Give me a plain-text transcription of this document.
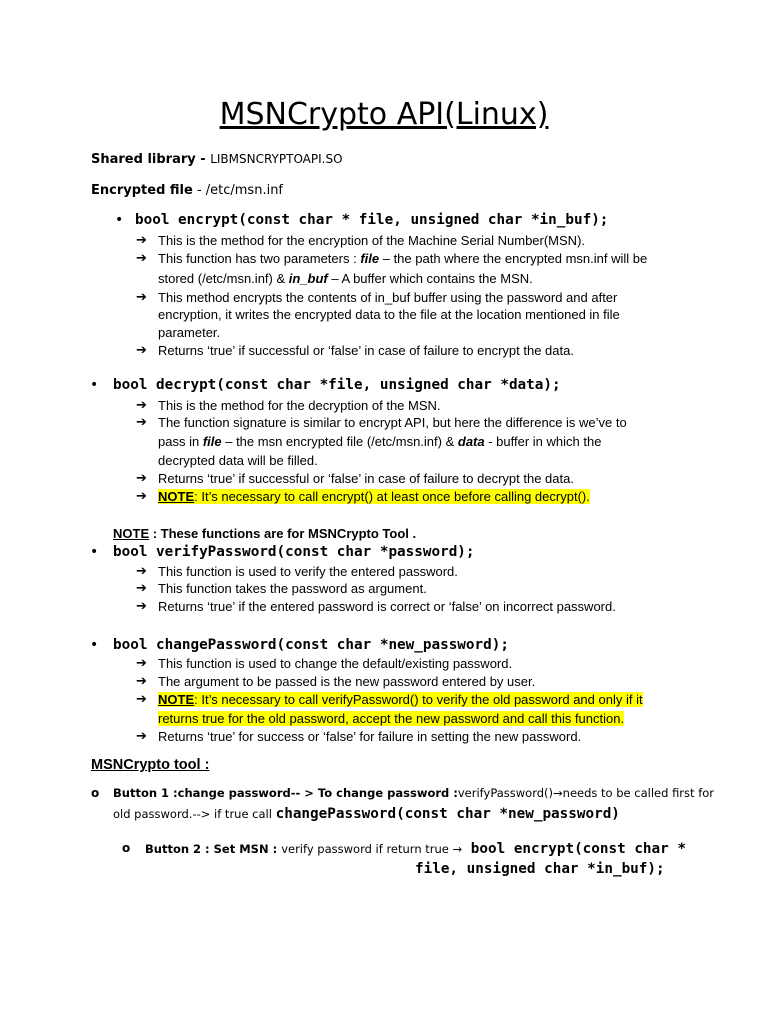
MSNCrypto API(Linux)
Shared library - LIBMSNCRYPTOAPI.SO
Encrypted file - /etc/msn.inf
• bool encrypt(const char * file, unsigned char *in_buf);
➔ This is the method for the encryption of the Machine Serial Number(MSN).
➔ This function has two parameters : file – the path where the encrypted msn.inf will be
stored (/etc/msn.inf) & in_buf – A buffer which contains the MSN.
➔ This method encrypts the contents of in_buf buffer using the password and after
encryption, it writes the encrypted data to the file at the location mentioned in file
parameter.
➔ Returns ‘true’ if successful or ‘false’ in case of failure to encrypt the data.
• bool decrypt(const char *file, unsigned char *data);
➔ This is the method for the decryption of the MSN.
➔ The function signature is similar to encrypt API, but here the difference is we’ve to
pass in file – the msn encrypted file (/etc/msn.inf) & data - buffer in which the
decrypted data will be filled.
➔ Returns ‘true’ if successful or ‘false’ in case of failure to decrypt the data.
➔ NOTE: It’s necessary to call encrypt() at least once before calling decrypt().
NOTE : These functions are for MSNCrypto Tool .
• bool verifyPassword(const char *password);
➔ This function is used to verify the entered password.
➔ This function takes the password as argument.
➔ Returns ‘true’ if the entered password is correct or ‘false’ on incorrect password.
• bool changePassword(const char *new_password);
➔ This function is used to change the default/existing password.
➔ The argument to be passed is the new password entered by user.
➔ NOTE: It’s necessary to call verifyPassword() to verify the old password and only if it
returns true for the old password, accept the new password and call this function.
➔ Returns ‘true’ for success or ‘false’ for failure in setting the new password.
MSNCrypto tool :
o Button 1 :change password-- > To change password :verifyPassword()→needs to be called first for
old password.--> if true call changePassword(const char *new_password)
o Button 2 : Set MSN : verify password if return true → bool encrypt(const char *
file, unsigned char *in_buf);
